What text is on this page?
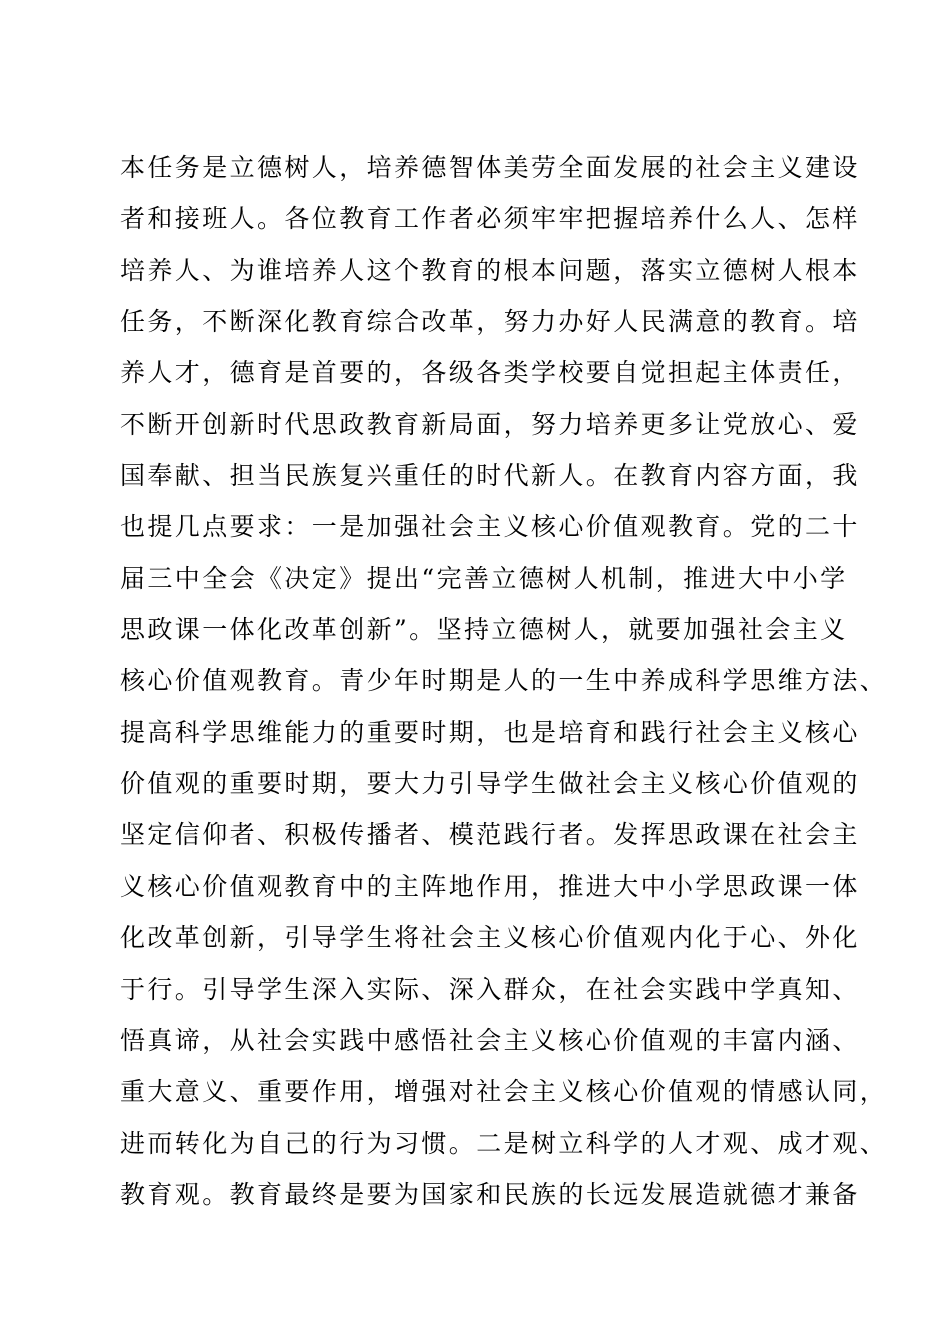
本任务是立德树人，培养德智体美劳全面发展的社会主义建设
者和接班人。各位教育工作者必须牢牢把握培养什么人、怎样
培养人、为谁培养人这个教育的根本问题，落实立德树人根本
任务，不断深化教育综合改革，努力办好人民满意的教育。培
养人才，德育是首要的，各级各类学校要自觉担起主体责任，
不断开创新时代思政教育新局面，努力培养更多让党放心、爱
国奉献、担当民族复兴重任的时代新人。在教育内容方面，我
也提几点要求：一是加强社会主义核心价值观教育。党的二十
届三中全会《决定》提出“完善立德树人机制，推进大中小学
思政课一体化改革创新”。坚持立德树人，就要加强社会主义
核心价值观教育。青少年时期是人的一生中养成科学思维方法、
提高科学思维能力的重要时期，也是培育和践行社会主义核心
价值观的重要时期，要大力引导学生做社会主义核心价值观的
坚定信仰者、积极传播者、模范践行者。发挥思政课在社会主
义核心价值观教育中的主阵地作用，推进大中小学思政课一体
化改革创新，引导学生将社会主义核心价值观内化于心、外化
于行。引导学生深入实际、深入群众，在社会实践中学真知、
悟真谛，从社会实践中感悟社会主义核心价值观的丰富内涵、
重大意义、重要作用，增强对社会主义核心价值观的情感认同，
进而转化为自己的行为习惯。二是树立科学的人才观、成才观、
教育观。教育最终是要为国家和民族的长远发展造就德才兼备
